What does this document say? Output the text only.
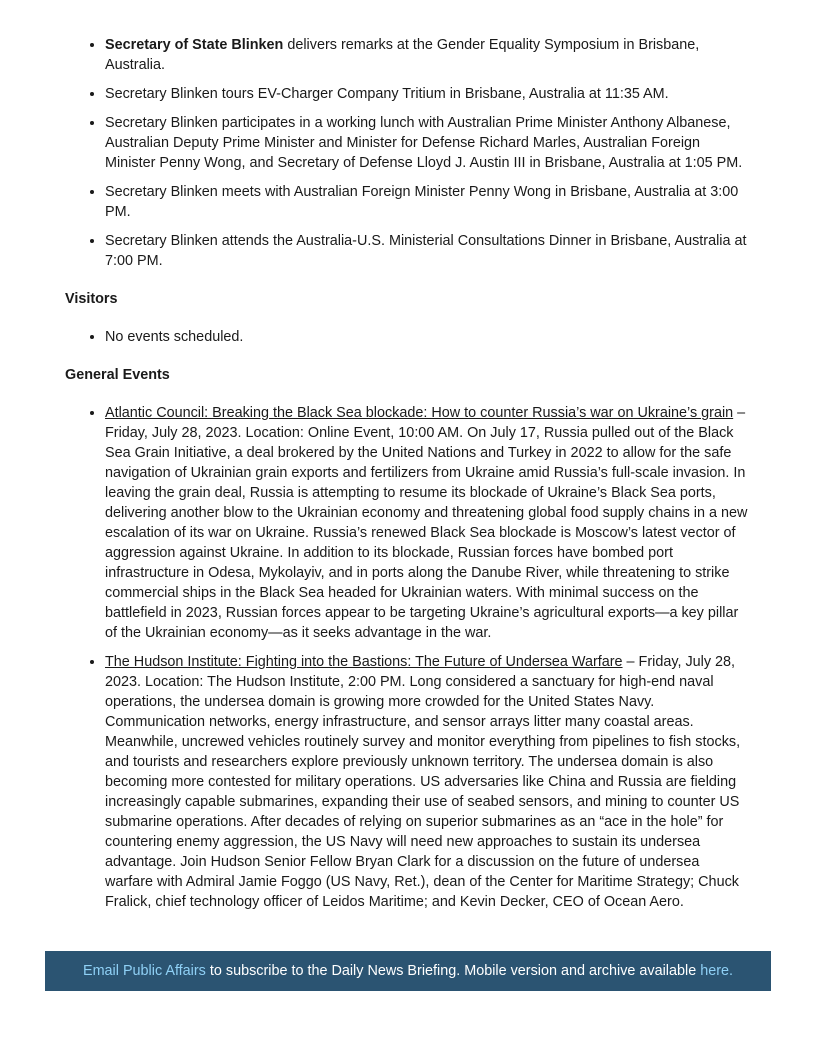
Secretary of State Blinken delivers remarks at the Gender Equality Symposium in Brisbane, Australia.
Secretary Blinken tours EV-Charger Company Tritium in Brisbane, Australia at 11:35 AM.
Secretary Blinken participates in a working lunch with Australian Prime Minister Anthony Albanese, Australian Deputy Prime Minister and Minister for Defense Richard Marles, Australian Foreign Minister Penny Wong, and Secretary of Defense Lloyd J. Austin III in Brisbane, Australia at 1:05 PM.
Secretary Blinken meets with Australian Foreign Minister Penny Wong in Brisbane, Australia at 3:00 PM.
Secretary Blinken attends the Australia-U.S. Ministerial Consultations Dinner in Brisbane, Australia at 7:00 PM.
Visitors
No events scheduled.
General Events
Atlantic Council: Breaking the Black Sea blockade: How to counter Russia’s war on Ukraine’s grain – Friday, July 28, 2023. Location: Online Event, 10:00 AM. On July 17, Russia pulled out of the Black Sea Grain Initiative, a deal brokered by the United Nations and Turkey in 2022 to allow for the safe navigation of Ukrainian grain exports and fertilizers from Ukraine amid Russia’s full-scale invasion. In leaving the grain deal, Russia is attempting to resume its blockade of Ukraine’s Black Sea ports, delivering another blow to the Ukrainian economy and threatening global food supply chains in a new escalation of its war on Ukraine. Russia’s renewed Black Sea blockade is Moscow’s latest vector of aggression against Ukraine. In addition to its blockade, Russian forces have bombed port infrastructure in Odesa, Mykolayiv, and in ports along the Danube River, while threatening to strike commercial ships in the Black Sea headed for Ukrainian waters. With minimal success on the battlefield in 2023, Russian forces appear to be targeting Ukraine’s agricultural exports—a key pillar of the Ukrainian economy—as it seeks advantage in the war.
The Hudson Institute: Fighting into the Bastions: The Future of Undersea Warfare – Friday, July 28, 2023. Location: The Hudson Institute, 2:00 PM. Long considered a sanctuary for high-end naval operations, the undersea domain is growing more crowded for the United States Navy. Communication networks, energy infrastructure, and sensor arrays litter many coastal areas. Meanwhile, uncrewed vehicles routinely survey and monitor everything from pipelines to fish stocks, and tourists and researchers explore previously unknown territory. The undersea domain is also becoming more contested for military operations. US adversaries like China and Russia are fielding increasingly capable submarines, expanding their use of seabed sensors, and mining to counter US submarine operations. After decades of relying on superior submarines as an “ace in the hole” for countering enemy aggression, the US Navy will need new approaches to sustain its undersea advantage. Join Hudson Senior Fellow Bryan Clark for a discussion on the future of undersea warfare with Admiral Jamie Foggo (US Navy, Ret.), dean of the Center for Maritime Strategy; Chuck Fralick, chief technology officer of Leidos Maritime; and Kevin Decker, CEO of Ocean Aero.
Email Public Affairs to subscribe to the Daily News Briefing. Mobile version and archive available here.
